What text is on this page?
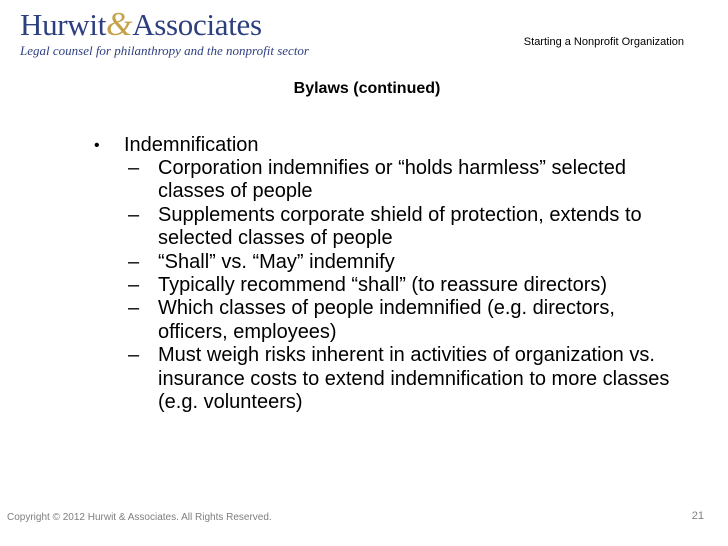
Hurwit&Associates
Legal counsel for philanthropy and the nonprofit sector
Starting a Nonprofit Organization
Bylaws (continued)
•	Indemnification
– Corporation indemnifies or “holds harmless” selected classes of people
– Supplements corporate shield of protection, extends to selected classes of people
– “Shall” vs. “May” indemnify
– Typically recommend “shall” (to reassure directors)
– Which classes of people indemnified (e.g. directors, officers, employees)
– Must weigh risks inherent in activities of organization vs. insurance costs to extend indemnification to more classes (e.g. volunteers)
Copyright © 2012 Hurwit & Associates. All Rights Reserved.	21
